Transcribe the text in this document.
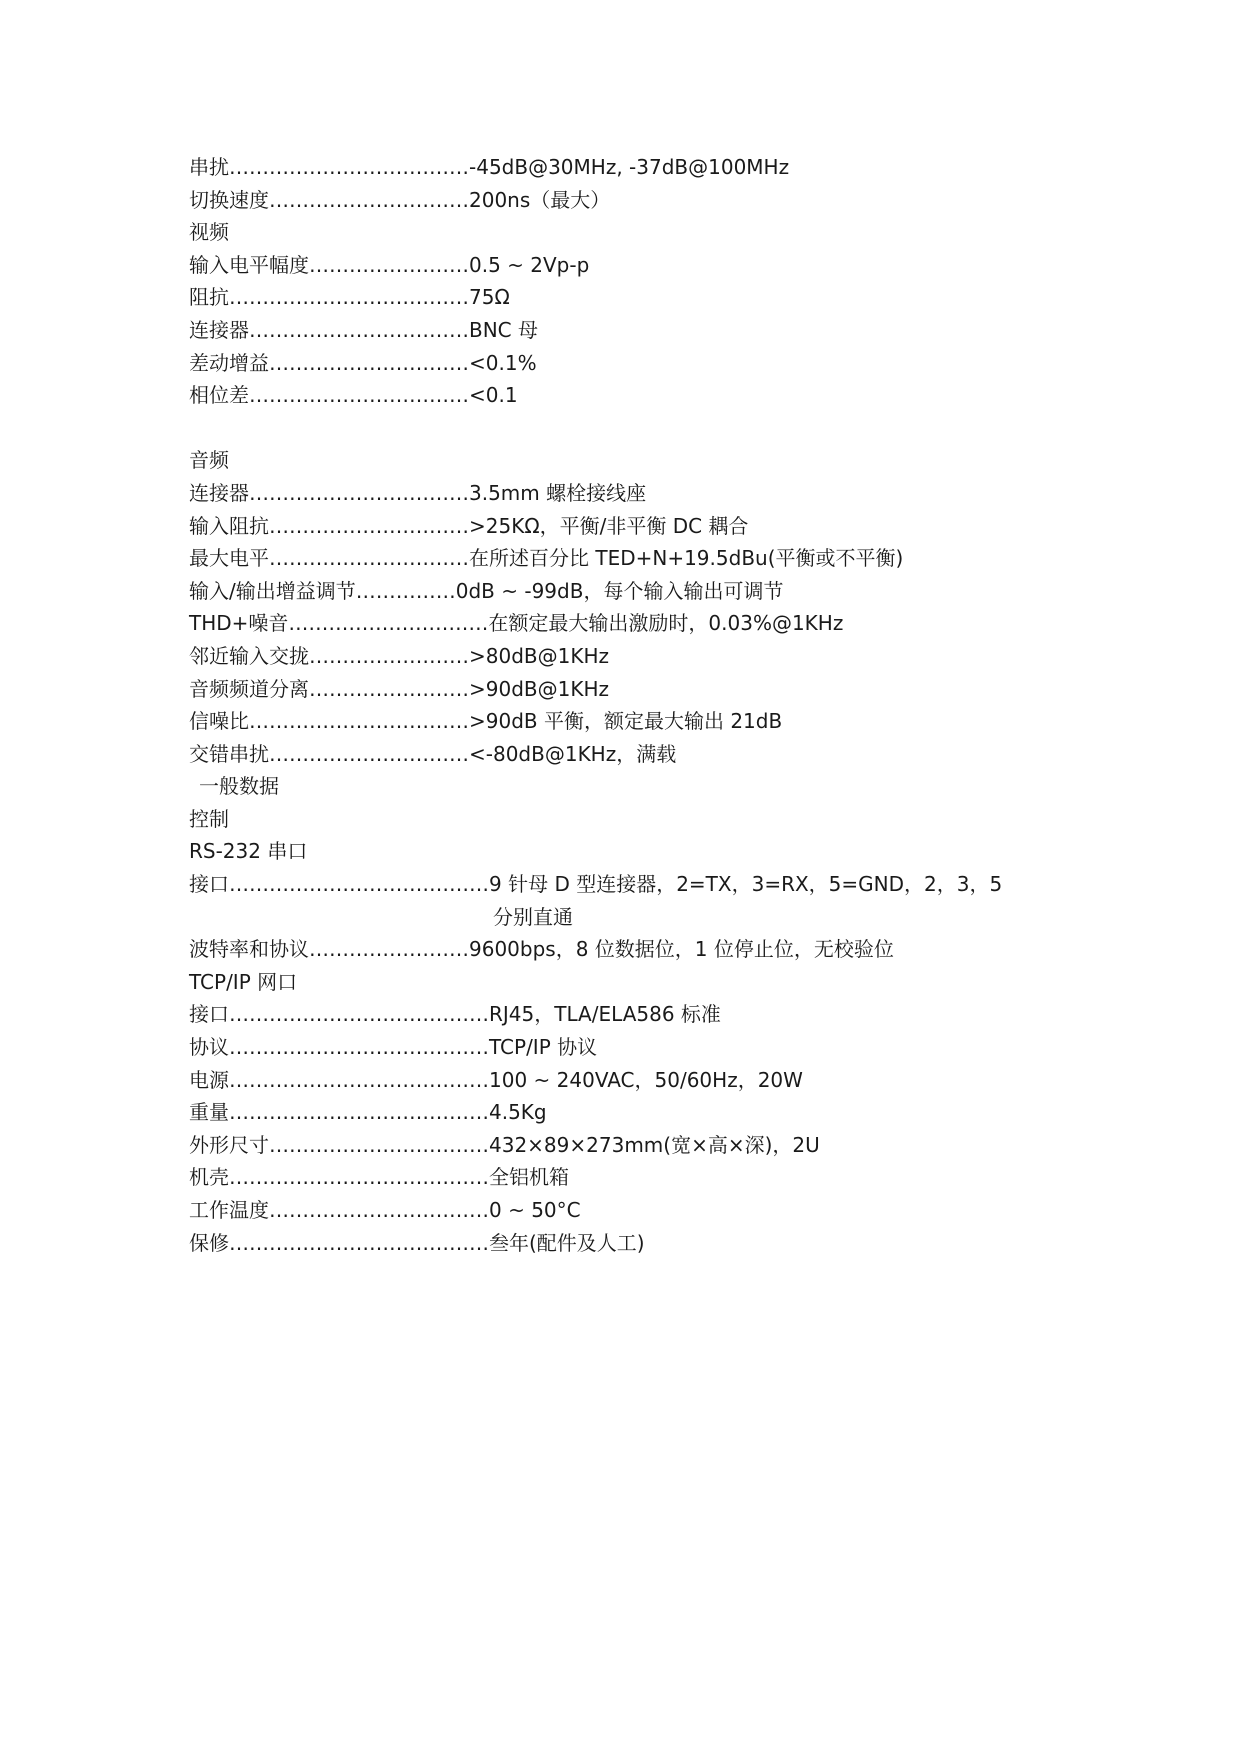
串扰………………………………-45dB@30MHz, -37dB@100MHz
切换速度…………………………200ns（最大）
视频
输入电平幅度……………………0.5 ~ 2Vp-p
阻抗………………………………75Ω
连接器……………………………BNC 母
差动增益…………………………<0.1%
相位差……………………………<0.1
音频
连接器……………………………3.5mm 螺栓接线座
输入阻抗…………………………>25KΩ，平衡/非平衡 DC 耦合
最大电平…………………………在所述百分比 TED+N+19.5dBu(平衡或不平衡)
输入/输出增益调节……………0dB ~ -99dB，每个输入输出可调节
THD+噪音…………………………在额定最大输出激励时，0.03%@1KHz
邻近输入交拢……………………>80dB@1KHz
音频频道分离……………………>90dB@1KHz
信噪比……………………………>90dB 平衡，额定最大输出 21dB
交错串扰…………………………<-80dB@1KHz，满载
一般数据
控制
RS-232 串口
接口…………………………………9 针母 D 型连接器，2=TX，3=RX，5=GND，2，3，5
分别直通
波特率和协议……………………9600bps，8 位数据位，1 位停止位，无校验位
TCP/IP 网口
接口…………………………………RJ45，TLA/ELA586 标准
协议…………………………………TCP/IP 协议
电源…………………………………100 ~ 240VAC，50/60Hz，20W
重量…………………………………4.5Kg
外形尺寸……………………………432×89×273mm(宽×高×深)，2U
机壳…………………………………全铝机箱
工作温度……………………………0 ~ 50°C
保修…………………………………叁年(配件及人工)
